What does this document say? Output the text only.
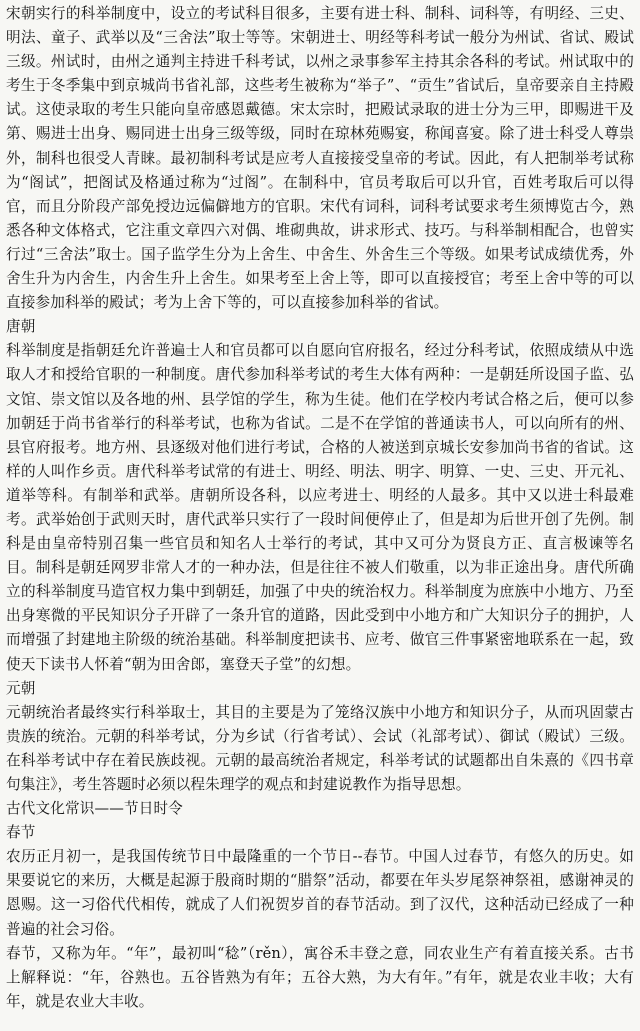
宋朝实行的科举制度中，设立的考试科目很多，主要有进士科、制科、词科等，有明经、三史、明法、童子、武举以及“三舍法”取士等等。宋朝进士、明经等科考试一般分为州试、省试、殿试三级。州试时，由州之通判主持进千科考试，以州之录事参军主持其余各科的考试。州试取中的考生于冬季集中到京城尚书省礼部，这些考生被称为“举子”、“贡生”省试后，皇帝要亲自主持殿试。这使录取的考生只能向皇帝感恩戴德。宋太宗时，把殿试录取的进士分为三甲，即赐进干及第、赐进士出身、赐同进士出身三级等级，同时在琼林苑赐宴，称闻喜宴。除了进士科受人尊祟外，制科也很受人青睐。最初制科考试是应考人直接接受皇帝的考试。因此，有人把制举考试称为“阁试”，把阁试及格通过称为“过阁”。在制科中，官员考取后可以升官，百姓考取后可以得官，而且分阶段产部免授边远偏僻地方的官职。宋代有词科，词科考试要求考生须博览古今，熟悉各种文体格式，它注重文章四六对偶、堆砌典故，讲求形式、技巧。与科举制相配合，也曾实行过“三舍法”取士。国子监学生分为上舍生、中舍生、外舍生三个等级。如果考试成绩优秀，外舍生升为内舍生，内舍生升上舍生。如果考至上舍上等，即可以直接授官；考至上舍中等的可以直接参加科举的殿试；考为上舍下等的，可以直接参加科举的省试。

唐朝

科举制度是指朝廷允许普遍士人和官员都可以自愿向官府报名，经过分科考试，依照成绩从中选取人才和授给官职的一种制度。唐代参加科举考试的考生大体有两种：一是朝廷所设国子监、弘文馆、崇文馆以及各地的州、县学馆的学生，称为生徒。他们在学校内考试合格之后，便可以参加朝廷于尚书省举行的科举考试，也称为省试。二是不在学馆的普通读书人，可以向所有的州、县官府报考。地方州、县逐级对他们进行考试，合格的人被送到京城长安参加尚书省的省试。这样的人叫作乡贡。唐代科举考试常的有进士、明经、明法、明字、明算、一史、三史、开元礼、道举等科。有制举和武举。唐朝所设各科，以应考进士、明经的人最多。其中又以进士科最难考。武举始创于武则天时，唐代武举只实行了一段时间便停止了，但是却为后世开创了先例。制科是由皇帝特别召集一些官员和知名人士举行的考试，其中又可分为贤良方正、直言极谏等名目。制科是朝廷网罗非常人才的一种办法，但是往往不被人们敬重，以为非正途出身。唐代所确立的科举制度马造官权力集中到朝廷，加强了中央的统治权力。科举制度为庶族中小地方、乃至出身寒微的平民知识分子开辟了一条升官的道路，因此受到中小地方和广大知识分子的拥护，人而增强了封建地主阶级的统治基础。科举制度把读书、应考、做官三件事紧密地联系在一起，致使天下读书人怀着“朝为田舍郎，塞登天子堂”的幻想。

元朝

元朝统治者最终实行科举取士，其目的主要是为了笼络汉族中小地方和知识分子，从而巩固蒙古贵族的统治。元朝的科举考试，分为乡试（行省考试）、会试（礼部考试）、御试（殿试）三级。在科举考试中存在着民族歧视。元朝的最高统治者规定，科举考试的试题都出自朱熹的《四书章句集注》，考生答题时必须以程朱理学的观点和封建说教作为指导思想。

古代文化常识——节日时令

春节

农历正月初一，是我国传统节日中最隆重的一个节日--春节。中国人过春节，有悠久的历史。如果要说它的来历，大概是起源于殷商时期的“腊祭”活动，都要在年头岁尾祭神祭祖，感谢神灵的恩赐。这一习俗代代相传，就成了人们祝贺岁首的春节活动。到了汉代，这种活动已经成了一种普遍的社会习俗。

春节，又称为年。“年”，最初叫“稔”（rěn），寓谷禾丰登之意，同农业生产有着直接关系。古书上解释说：“年，谷熟也。五谷皆熟为有年；五谷大熟，为大有年。”有年，就是农业丰收；大有年，就是农业大丰收。
